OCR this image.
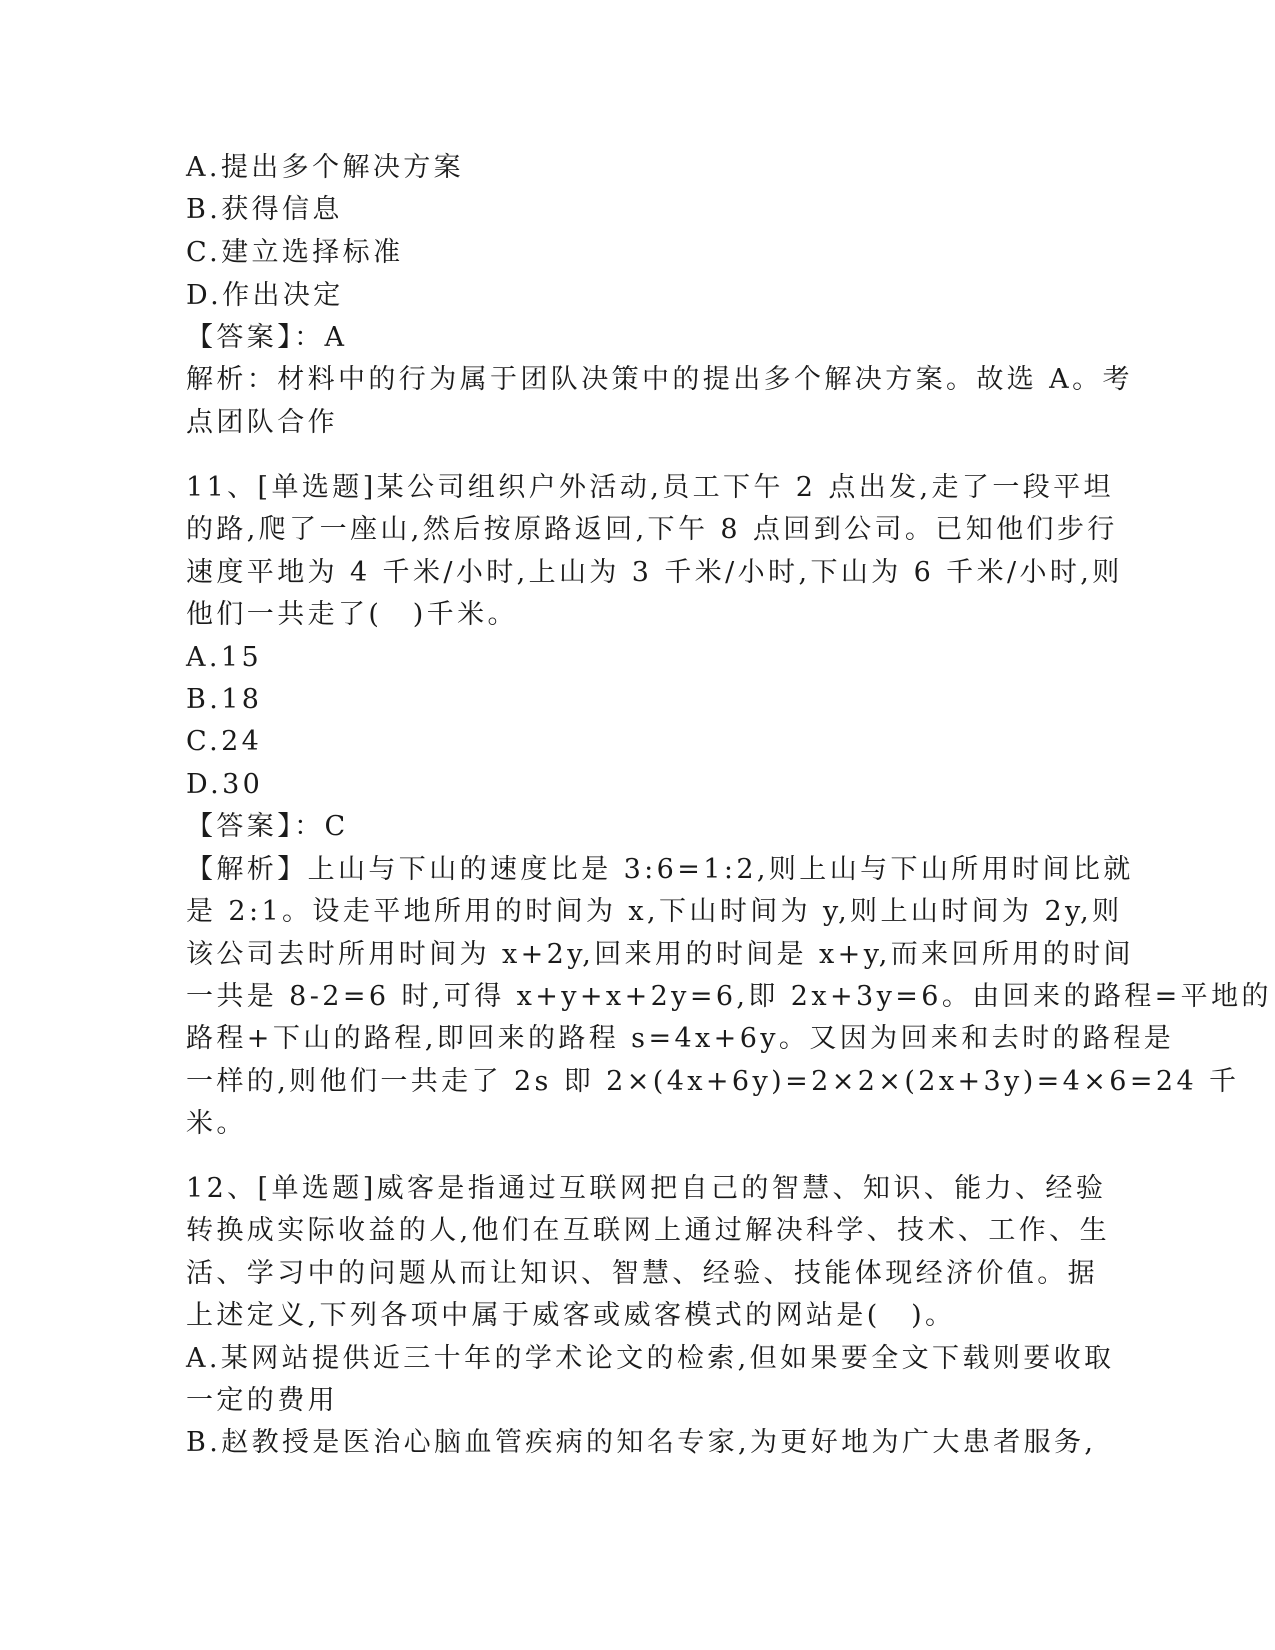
A.提出多个解决方案
B.获得信息
C.建立选择标准
D.作出决定
【答案】：A
解析：材料中的行为属于团队决策中的提出多个解决方案。故选 A。考
点团队合作
11、[单选题]某公司组织户外活动,员工下午 2 点出发,走了一段平坦
的路,爬了一座山,然后按原路返回,下午 8 点回到公司。已知他们步行
速度平地为 4 千米/小时,上山为 3 千米/小时,下山为 6 千米/小时,则
他们一共走了(　)千米。
A.15
B.18
C.24
D.30
【答案】：C
【解析】上山与下山的速度比是 3:6=1:2,则上山与下山所用时间比就
是 2:1。设走平地所用的时间为 x,下山时间为 y,则上山时间为 2y,则
该公司去时所用时间为 x+2y,回来用的时间是 x+y,而来回所用的时间
一共是 8-2=6 时,可得 x+y+x+2y=6,即 2x+3y=6。由回来的路程=平地的
路程+下山的路程,即回来的路程 s=4x+6y。又因为回来和去时的路程是
一样的,则他们一共走了 2s 即 2×(4x+6y)=2×2×(2x+3y)=4×6=24 千
米。
12、[单选题]威客是指通过互联网把自己的智慧、知识、能力、经验
转换成实际收益的人,他们在互联网上通过解决科学、技术、工作、生
活、学习中的问题从而让知识、智慧、经验、技能体现经济价值。据
上述定义,下列各项中属于威客或威客模式的网站是(　)。
A.某网站提供近三十年的学术论文的检索,但如果要全文下载则要收取
一定的费用
B.赵教授是医治心脑血管疾病的知名专家,为更好地为广大患者服务,
